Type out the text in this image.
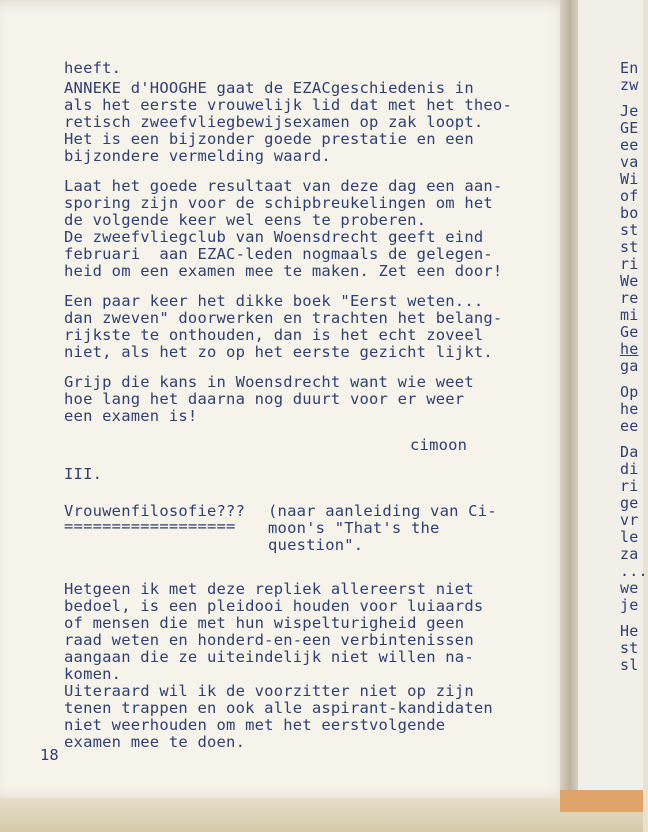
heeft.
ANNEKE d'HOOGHE gaat de EZACgeschiedenis in
als het eerste vrouwelijk lid dat met het theo-
retisch zweefvliegbewijsexamen op zak loopt.
Het is een bijzonder goede prestatie en een
bijzondere vermelding waard.
Laat het goede resultaat van deze dag een aan-
sporing zijn voor de schipbreukelingen om het
de volgende keer wel eens te proberen.
De zweefvliegclub van Woensdrecht geeft eind
februari  aan EZAC-leden nogmaals de gelegen-
heid om een examen mee te maken. Zet een door!
Een paar keer het dikke boek "Eerst weten...
dan zweven" doorwerken en trachten het belang-
rijkste te onthouden, dan is het echt zoveel
niet, als het zo op het eerste gezicht lijkt.
Grijp die kans in Woensdrecht want wie weet
hoe lang het daarna nog duurt voor er weer
een examen is!
cimoon
III.
Vrouwenfilosofie???
==================
(naar aanleiding van Ci-
moon's "That's the
question".
Hetgeen ik met deze repliek allereerst niet
bedoel, is een pleidooi houden voor luiaards
of mensen die met hun wispelturigheid geen
raad weten en honderd-en-een verbintenissen
aangaan die ze uiteindelijk niet willen na-
komen.
Uiteraard wil ik de voorzitter niet op zijn
tenen trappen en ook alle aspirant-kandidaten
niet weerhouden om met het eerstvolgende
examen mee te doen.
18
En
zw
Je
GE
ee
va
Wi
of
bo
st
st
ri
We
re
mi
Ge
he
ga
Op
he
ee
Da
di
ri
ge
vr
le
za
...
we
je
He
st
sl
